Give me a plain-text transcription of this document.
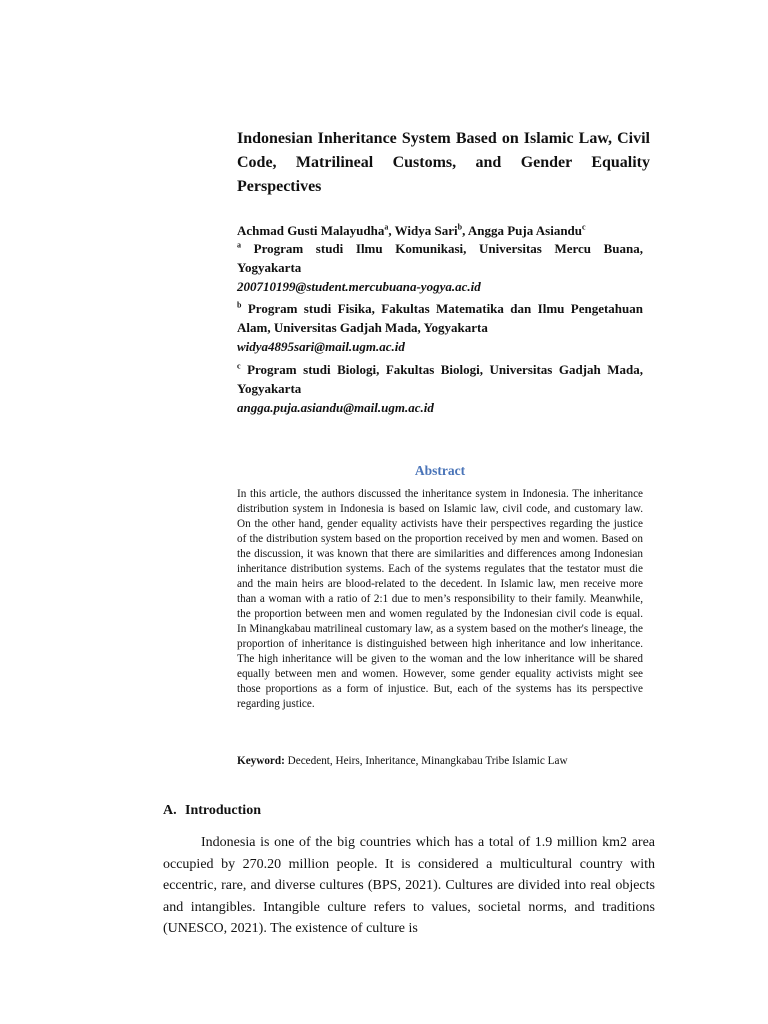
Indonesian Inheritance System Based on Islamic Law, Civil Code, Matrilineal Customs, and Gender Equality Perspectives
Achmad Gusti Malayudha$^a$, Widya Sari$^b$, Angga Puja Asiandu$^c$
$^a$ Program studi Ilmu Komunikasi, Universitas Mercu Buana, Yogyakarta
200710199@student.mercubuana-yogya.ac.id
$^b$ Program studi Fisika, Fakultas Matematika dan Ilmu Pengetahuan Alam, Universitas Gadjah Mada, Yogyakarta
widya4895sari@mail.ugm.ac.id
$^c$ Program studi Biologi, Fakultas Biologi, Universitas Gadjah Mada, Yogyakarta
angga.puja.asiandu@mail.ugm.ac.id
Abstract

In this article, the authors discussed the inheritance system in Indonesia. The inheritance distribution system in Indonesia is based on Islamic law, civil code, and customary law. On the other hand, gender equality activists have their perspectives regarding the justice of the distribution system based on the proportion received by men and women. Based on the discussion, it was known that there are similarities and differences among Indonesian inheritance distribution systems. Each of the systems regulates that the testator must die and the main heirs are blood-related to the decedent. In Islamic law, men receive more than a woman with a ratio of 2:1 due to men’s responsibility to their family. Meanwhile, the proportion between men and women regulated by the Indonesian civil code is equal. In Minangkabau matrilineal customary law, as a system based on the mother's lineage, the proportion of inheritance is distinguished between high inheritance and low inheritance. The high inheritance will be given to the woman and the low inheritance will be shared equally between men and women. However, some gender equality activists might see those proportions as a form of injustice. But, each of the systems has its perspective regarding justice.

Keyword: Decedent, Heirs, Inheritance, Minangkabau Tribe Islamic Law

A. Introduction

Indonesia is one of the big countries which has a total of 1.9 million km2 area occupied by 270.20 million people. It is considered a multicultural country with eccentric, rare, and diverse cultures (BPS, 2021). Cultures are divided into real objects and intangibles. Intangible culture refers to values, societal norms, and traditions (UNESCO, 2021). The existence of culture is
